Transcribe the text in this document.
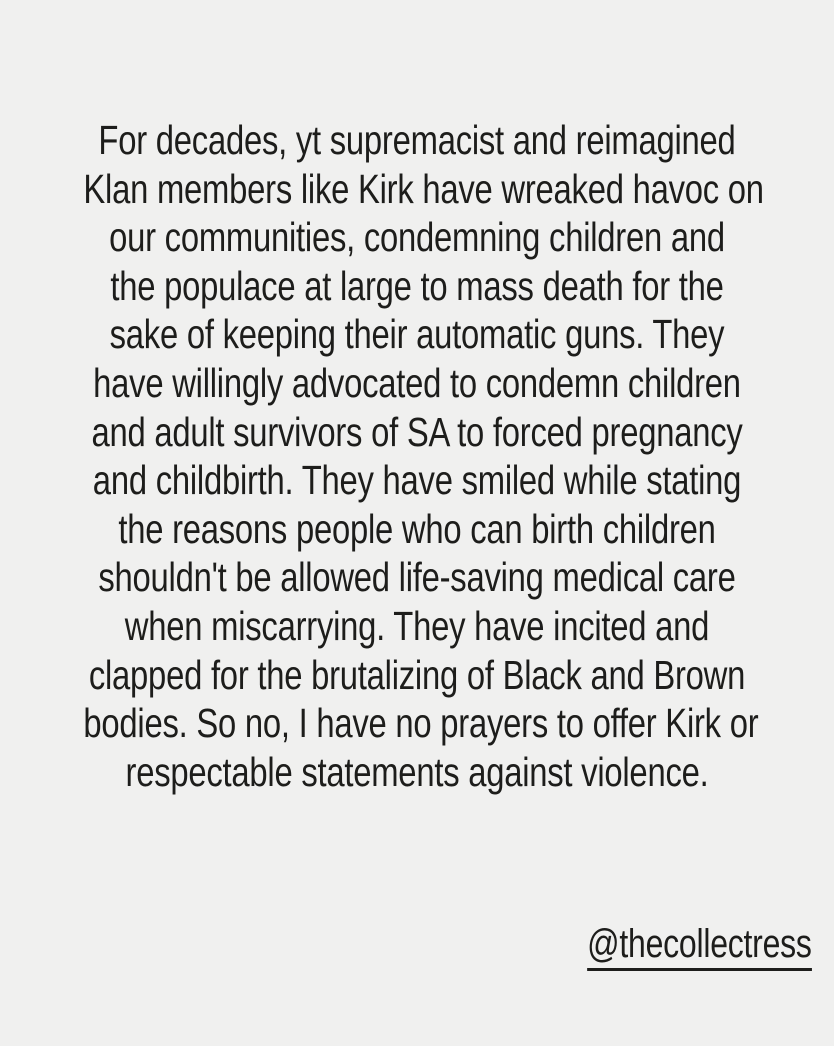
For decades, yt supremacist and reimagined
Klan members like Kirk have wreaked havoc on
our communities, condemning children and
the populace at large to mass death for the
sake of keeping their automatic guns. They
have willingly advocated to condemn children
and adult survivors of SA to forced pregnancy
and childbirth. They have smiled while stating
the reasons people who can birth children
shouldn't be allowed life-saving medical care
when miscarrying. They have incited and
clapped for the brutalizing of Black and Brown
bodies. So no, I have no prayers to offer Kirk or
respectable statements against violence.
@thecollectress
